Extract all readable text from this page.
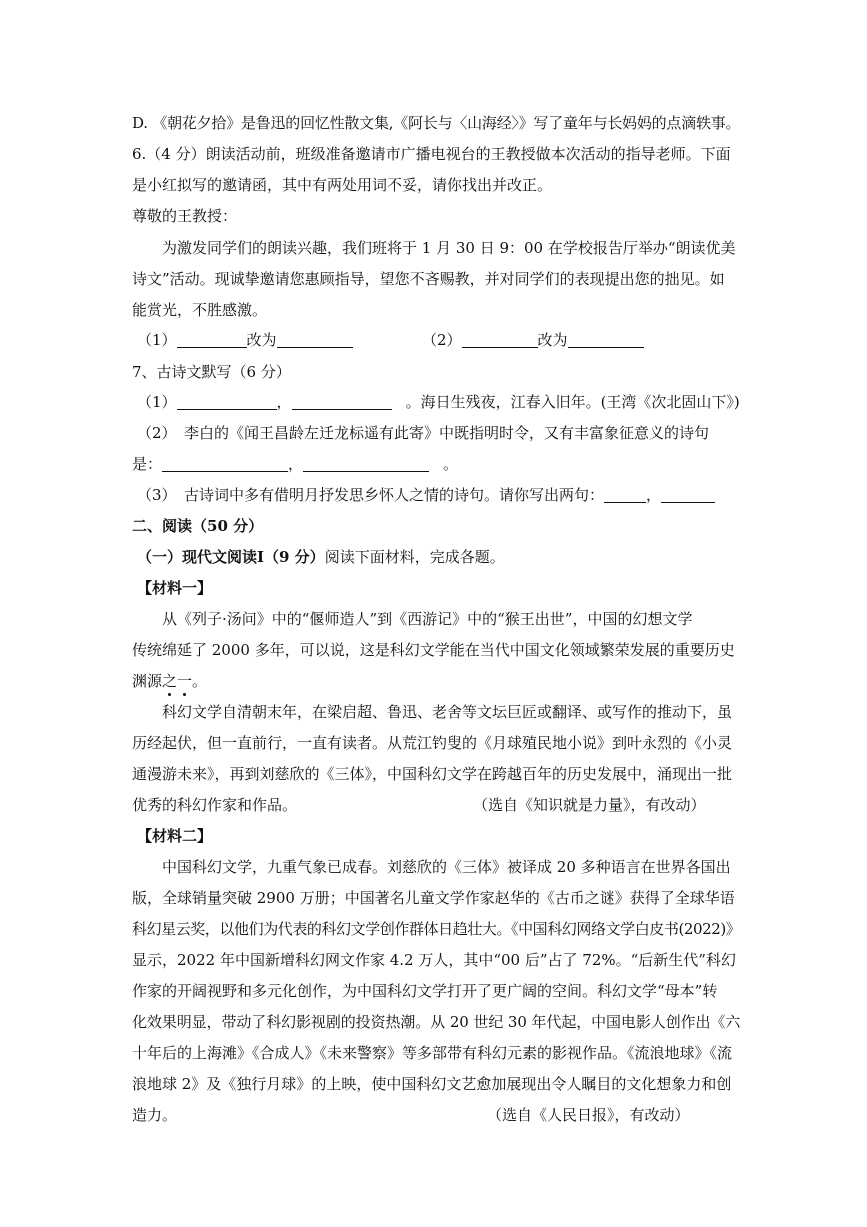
D. 《朝花夕拾》是鲁迅的回忆性散文集,《阿长与〈山海经〉》写了童年与长妈妈的点滴轶事。
6.（4 分）朗读活动前，班级准备邀请市广播电视台的王教授做本次活动的指导老师。下面
是小红拟写的邀请函，其中有两处用词不妥，请你找出并改正。
尊敬的王教授：
为激发同学们的朗读兴趣，我们班将于 1 月 30 日 9：00 在学校报告厅举办“朗读优美
诗文”活动。现诚挚邀请您惠顾指导，望您不吝赐教，并对同学们的表现提出您的拙见。如
能赏光，不胜感激。
（1）	改为	（2）	改为
7、古诗文默写（6 分）
（1）	，	。海日生残夜，江春入旧年。(王湾《次北固山下》)
（2）　李白的《闻王昌龄左迁龙标遥有此寄》中既指明时令，又有丰富象征意义的诗句
是：	，	。
（3）　古诗词中多有借明月抒发思乡怀人之情的诗句。请你写出两句：	，
二、阅读（50 分）
（一）现代文阅读Ⅰ（9 分）阅读下面材料，完成各题。
【材料一】
从《列子·汤问》中的“偃师造人”到《西游记》中的“猴王出世”，中国的幻想文学
传统绵延了 2000 多年，可以说，这是科幻文学能在当代中国文化领域繁荣发展的重要历史
渊源之一。
科幻文学自清朝末年，在梁启超、鲁迅、老舍等文坛巨匠或翻译、或写作的推动下，虽
历经起伏，但一直前行，一直有读者。从荒江钓叟的《月球殖民地小说》到叶永烈的《小灵
通漫游未来》，再到刘慈欣的《三体》，中国科幻文学在跨越百年的历史发展中，涌现出一批
优秀的科幻作家和作品。	（选自《知识就是力量》，有改动）
【材料二】
中国科幻文学，九重气象已成春。刘慈欣的《三体》被译成 20 多种语言在世界各国出
版，全球销量突破 2900 万册；中国著名儿童文学作家赵华的《古币之谜》获得了全球华语
科幻星云奖，以他们为代表的科幻文学创作群体日趋壮大。《中国科幻网络文学白皮书(2022)》
显示，2022 年中国新增科幻网文作家 4.2 万人，其中“00 后”占了 72%。“后新生代”科幻
作家的开阔视野和多元化创作，为中国科幻文学打开了更广阔的空间。科幻文学“母本”转
化效果明显，带动了科幻影视剧的投资热潮。从 20 世纪 30 年代起，中国电影人创作出《六
十年后的上海滩》《合成人》《未来警察》等多部带有科幻元素的影视作品。《流浪地球》《流
浪地球 2》及《独行月球》的上映，使中国科幻文艺愈加展现出令人瞩目的文化想象力和创
造力。	（选自《人民日报》，有改动）
